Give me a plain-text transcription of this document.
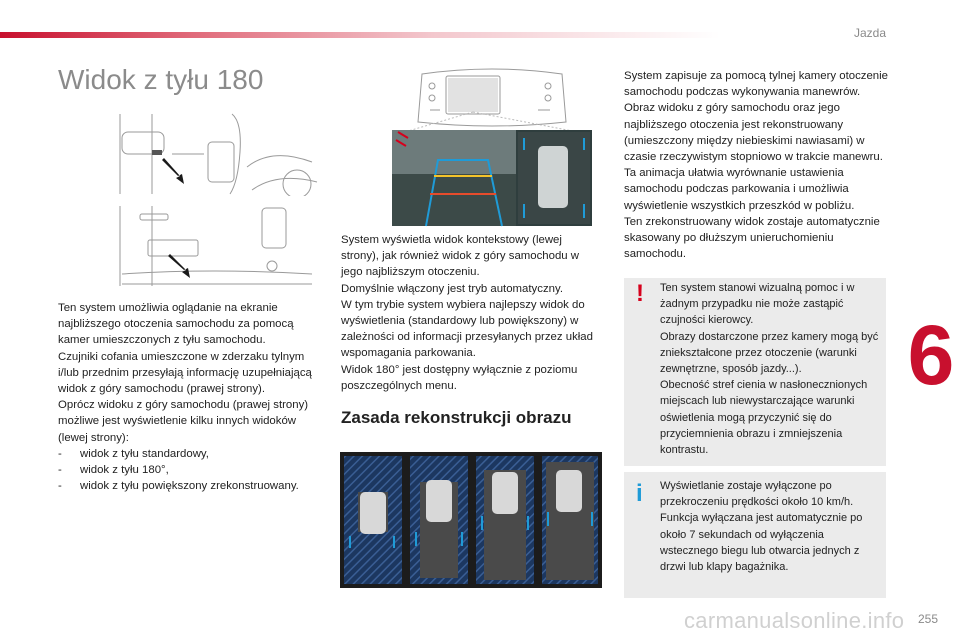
Jazda
6
Widok z tyłu 180

Ten system umożliwia oglądanie na ekranie najbliższego otoczenia samochodu za pomocą kamer umieszczonych z tyłu samochodu.

Czujniki cofania umieszczone w zderzaku tylnym i/lub przednim przesyłają informację uzupełniającą widok z góry samochodu (prawej strony).

Oprócz widoku z góry samochodu (prawej strony) możliwe jest wyświetlenie kilku innych widoków (lewej strony):

-	widok z tyłu standardowy,
-	widok z tyłu 180°,
-	widok z tyłu powiększony zrekonstruowany.

System wyświetla widok kontekstowy (lewej strony), jak również widok z góry samochodu w jego najbliższym otoczeniu.

Domyślnie włączony jest tryb automatyczny.

W tym trybie system wybiera najlepszy widok do wyświetlenia (standardowy lub powiększony) w zależności od informacji przesyłanych przez układ wspomagania parkowania.

Widok 180° jest dostępny wyłącznie z poziomu poszczególnych menu.

Zasada rekonstrukcji obrazu

System zapisuje za pomocą tylnej kamery otoczenie samochodu podczas wykonywania manewrów. Obraz widoku z góry samochodu oraz jego najbliższego otoczenia jest rekonstruowany (umieszczony między niebieskimi nawiasami) w czasie rzeczywistym stopniowo w trakcie manewru.

Ta animacja ułatwia wyrównanie ustawienia samochodu podczas parkowania i umożliwia wyświetlenie wszystkich przeszkód w pobliżu.

Ten zrekonstruowany widok zostaje automatycznie skasowany po dłuższym unieruchomieniu samochodu.

! Ten system stanowi wizualną pomoc i w żadnym przypadku nie może zastąpić czujności kierowcy.

Obrazy dostarczone przez kamery mogą być zniekształcone przez otoczenie (warunki zewnętrzne, sposób jazdy...).

Obecność stref cienia w nasłonecznionych miejscach lub niewystarczające warunki oświetlenia mogą przyczynić się do przyciemnienia obrazu i zmniejszenia kontrastu.

i Wyświetlanie zostaje wyłączone po przekroczeniu prędkości około 10 km/h.

Funkcja wyłączana jest automatycznie po około 7 sekundach od wyłączenia wstecznego biegu lub otwarcia jednych z drzwi lub klapy bagażnika.

255
carmanualsonline.info
